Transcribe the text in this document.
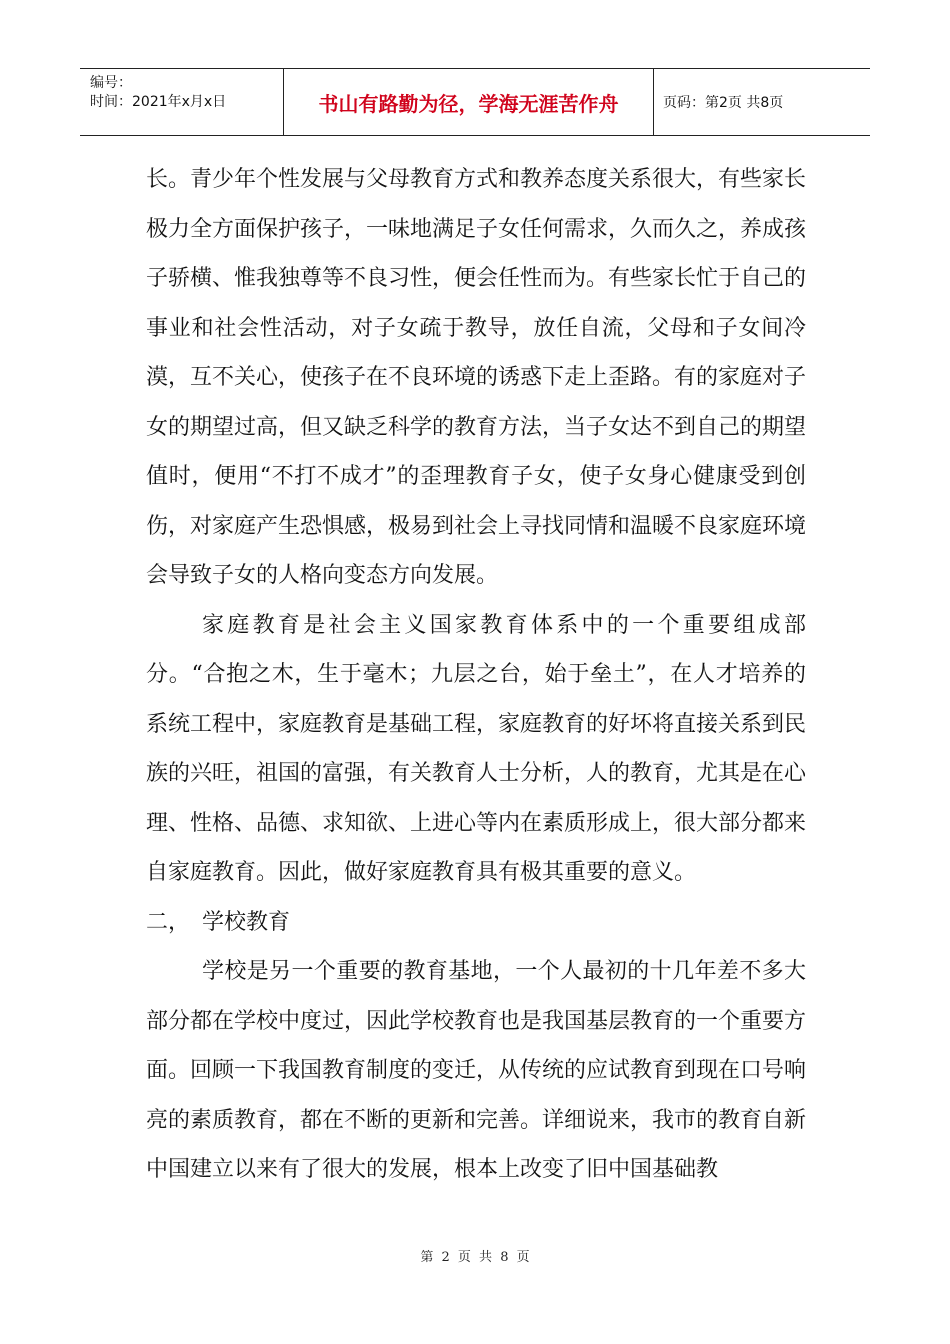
编号：
时间：2021年x月x日	书山有路勤为径，学海无涯苦作舟	页码：第2页 共8页

长。青少年个性发展与父母教育方式和教养态度关系很大，有些家长极力全方面保护孩子，一味地满足子女任何需求，久而久之，养成孩子骄横、惟我独尊等不良习性，便会任性而为。有些家长忙于自己的事业和社会性活动，对子女疏于教导，放任自流，父母和子女间冷漠，互不关心，使孩子在不良环境的诱惑下走上歪路。有的家庭对子女的期望过高，但又缺乏科学的教育方法，当子女达不到自己的期望值时，便用“不打不成才”的歪理教育子女，使子女身心健康受到创伤，对家庭产生恐惧感，极易到社会上寻找同情和温暖不良家庭环境会导致子女的人格向变态方向发展。

家庭教育是社会主义国家教育体系中的一个重要组成部分。“合抱之木，生于毫木；九层之台，始于垒土”，在人才培养的系统工程中，家庭教育是基础工程，家庭教育的好坏将直接关系到民族的兴旺，祖国的富强，有关教育人士分析，人的教育，尤其是在心理、性格、品德、求知欲、上进心等内在素质形成上，很大部分都来自家庭教育。因此，做好家庭教育具有极其重要的意义。

二， 学校教育

学校是另一个重要的教育基地，一个人最初的十几年差不多大部分都在学校中度过，因此学校教育也是我国基层教育的一个重要方面。回顾一下我国教育制度的变迁，从传统的应试教育到现在口号响亮的素质教育，都在不断的更新和完善。详细说来，我市的教育自新中国建立以来有了很大的发展，根本上改变了旧中国基础教

第 2 页 共 8 页
